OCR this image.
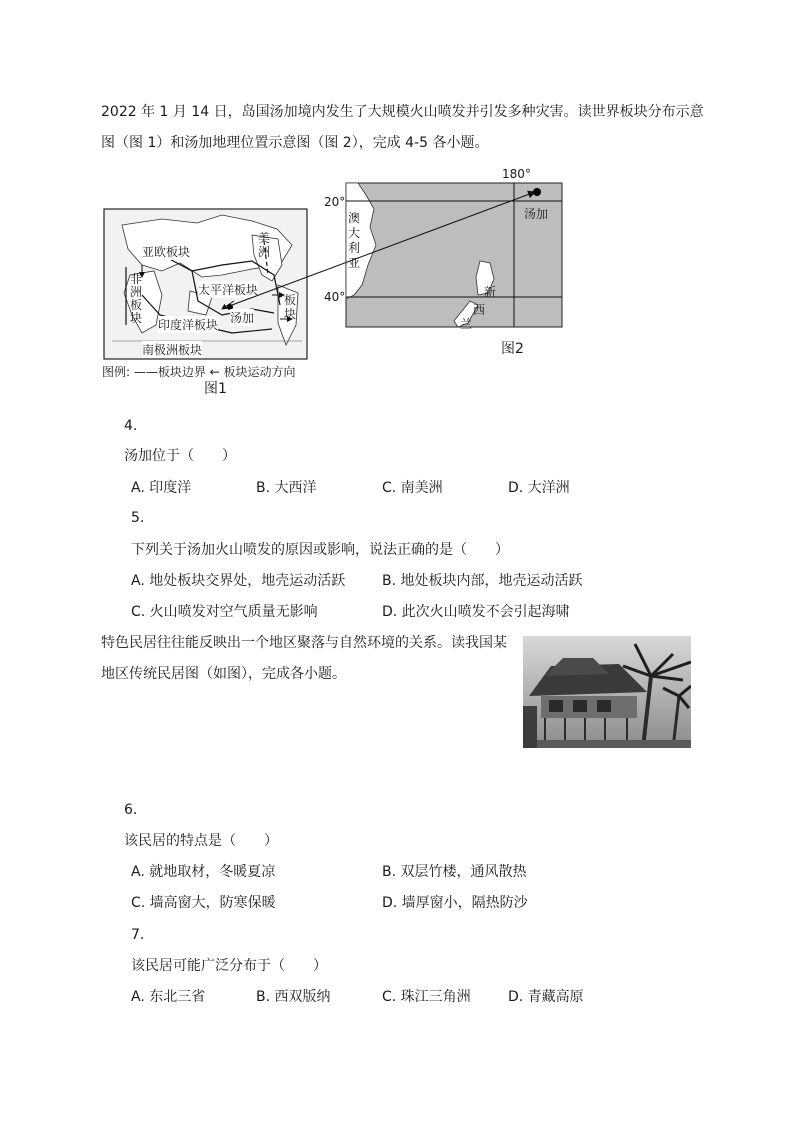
2022 年 1 月 14 日，岛国汤加境内发生了大规模火山喷发并引发多种灾害。读世界板块分布示意
图（图 1）和汤加地理位置示意图（图 2），完成 4-5 各小题。
亚欧板块
太平洋板块
印度洋板块
南极洲板块
汤加
非
洲
板
块
美
洲
板
块
图例: ——板块边界 ← 板块运动方向
图1
180°
20°
40°
汤加
澳
大
利
亚
新
西
兰
图2
4.
汤加位于（　　）
A. 印度洋	B. 大西洋	C. 南美洲	D. 大洋洲
5.
下列关于汤加火山喷发的原因或影响，说法正确的是（　　）
A. 地处板块交界处，地壳运动活跃	B. 地处板块内部，地壳运动活跃
C. 火山喷发对空气质量无影响	D. 此次火山喷发不会引起海啸
特色民居往往能反映出一个地区聚落与自然环境的关系。读我国某
地区传统民居图（如图），完成各小题。
6.
该民居的特点是（　　）
A. 就地取材，冬暖夏凉	B. 双层竹楼，通风散热
C. 墙高窗大，防寒保暖	D. 墙厚窗小，隔热防沙
7.
该民居可能广泛分布于（　　）
A. 东北三省	B. 西双版纳	C. 珠江三角洲	D. 青藏高原
